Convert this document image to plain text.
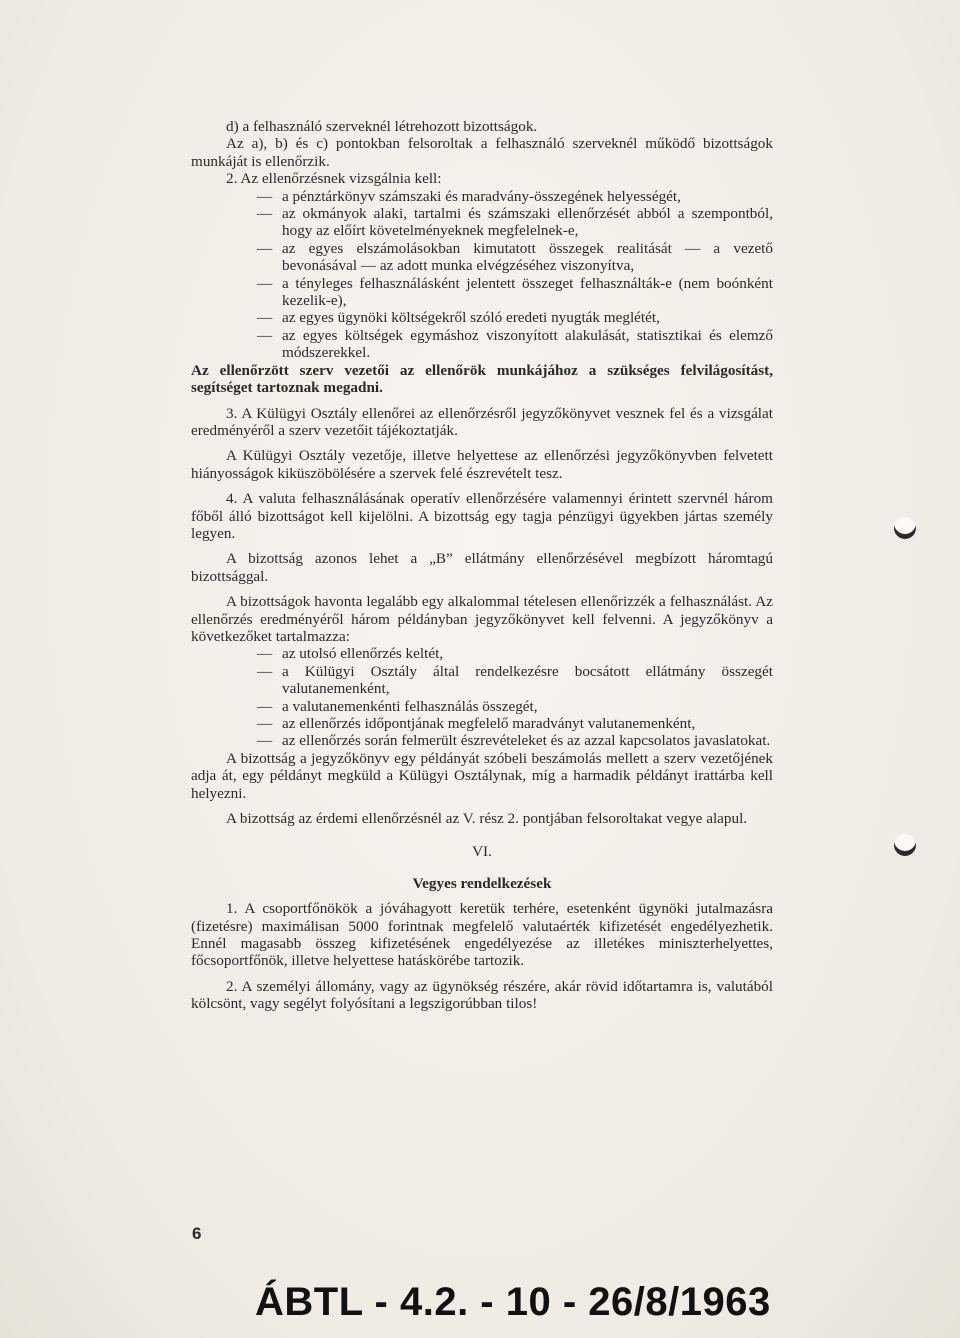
d) a felhasználó szerveknél létrehozott bizottságok.

Az a), b) és c) pontokban felsoroltak a felhasználó szerveknél működő bizottságok munkáját is ellenőrzik.

2. Az ellenőrzésnek vizsgálnia kell:

— a pénztárkönyv számszaki és maradvány-összegének helyességét,

— az okmányok alaki, tartalmi és számszaki ellenőrzését abból a szempontból, hogy az előírt követelményeknek megfelelnek-e,

— az egyes elszámolásokban kimutatott összegek realitását — a vezető bevonásával — az adott munka elvégzéséhez viszonyítva,

— a tényleges felhasználásként jelentett összeget felhasználták-e (nem boónként kezelik-e),

— az egyes ügynöki költségekről szóló eredeti nyugták meglétét,

— az egyes költségek egymáshoz viszonyított alakulását, statisztikai és elemző módszerekkel.

Az ellenőrzött szerv vezetői az ellenőrök munkájához a szükséges felvilágosítást, segítséget tartoznak megadni.

3. A Külügyi Osztály ellenőrei az ellenőrzésről jegyzőkönyvet vesznek fel és a vizsgálat eredményéről a szerv vezetőit tájékoztatják.

A Külügyi Osztály vezetője, illetve helyettese az ellenőrzési jegyzőkönyvben felvetett hiányosságok kiküszöbölésére a szervek felé észrevételt tesz.

4. A valuta felhasználásának operatív ellenőrzésére valamennyi érintett szervnél három főből álló bizottságot kell kijelölni. A bizottság egy tagja pénzügyi ügyekben jártas személy legyen.

A bizottság azonos lehet a „B” ellátmány ellenőrzésével megbízott háromtagú bizottsággal.

A bizottságok havonta legalább egy alkalommal tételesen ellenőrizzék a felhasználást. Az ellenőrzés eredményéről három példányban jegyzőkönyvet kell felvenni. A jegyzőkönyv a következőket tartalmazza:

— az utolsó ellenőrzés keltét,

— a Külügyi Osztály által rendelkezésre bocsátott ellátmány összegét valutanemenként,

— a valutanemenkénti felhasználás összegét,

— az ellenőrzés időpontjának megfelelő maradványt valutanemenként,

— az ellenőrzés során felmerült észrevételeket és az azzal kapcsolatos javaslatokat.

A bizottság a jegyzőkönyv egy példányát szóbeli beszámolás mellett a szerv vezetőjének adja át, egy példányt megküld a Külügyi Osztálynak, míg a harmadik példányt irattárba kell helyezni.

A bizottság az érdemi ellenőrzésnél az V. rész 2. pontjában felsoroltakat vegye alapul.

VI.

Vegyes rendelkezések

1. A csoportfőnökök a jóváhagyott keretük terhére, esetenként ügynöki jutalmazásra (fizetésre) maximálisan 5000 forintnak megfelelő valutaérték kifizetését engedélyezhetik. Ennél magasabb összeg kifizetésének engedélyezése az illetékes miniszterhelyettes, főcsoportfőnök, illetve helyettese hatáskörébe tartozik.

2. A személyi állomány, vagy az ügynökség részére, akár rövid időtartamra is, valutából kölcsönt, vagy segélyt folyósítani a legszigorúbban tilos!

6
ÁBTL - 4.2. - 10 - 26/8/1963
